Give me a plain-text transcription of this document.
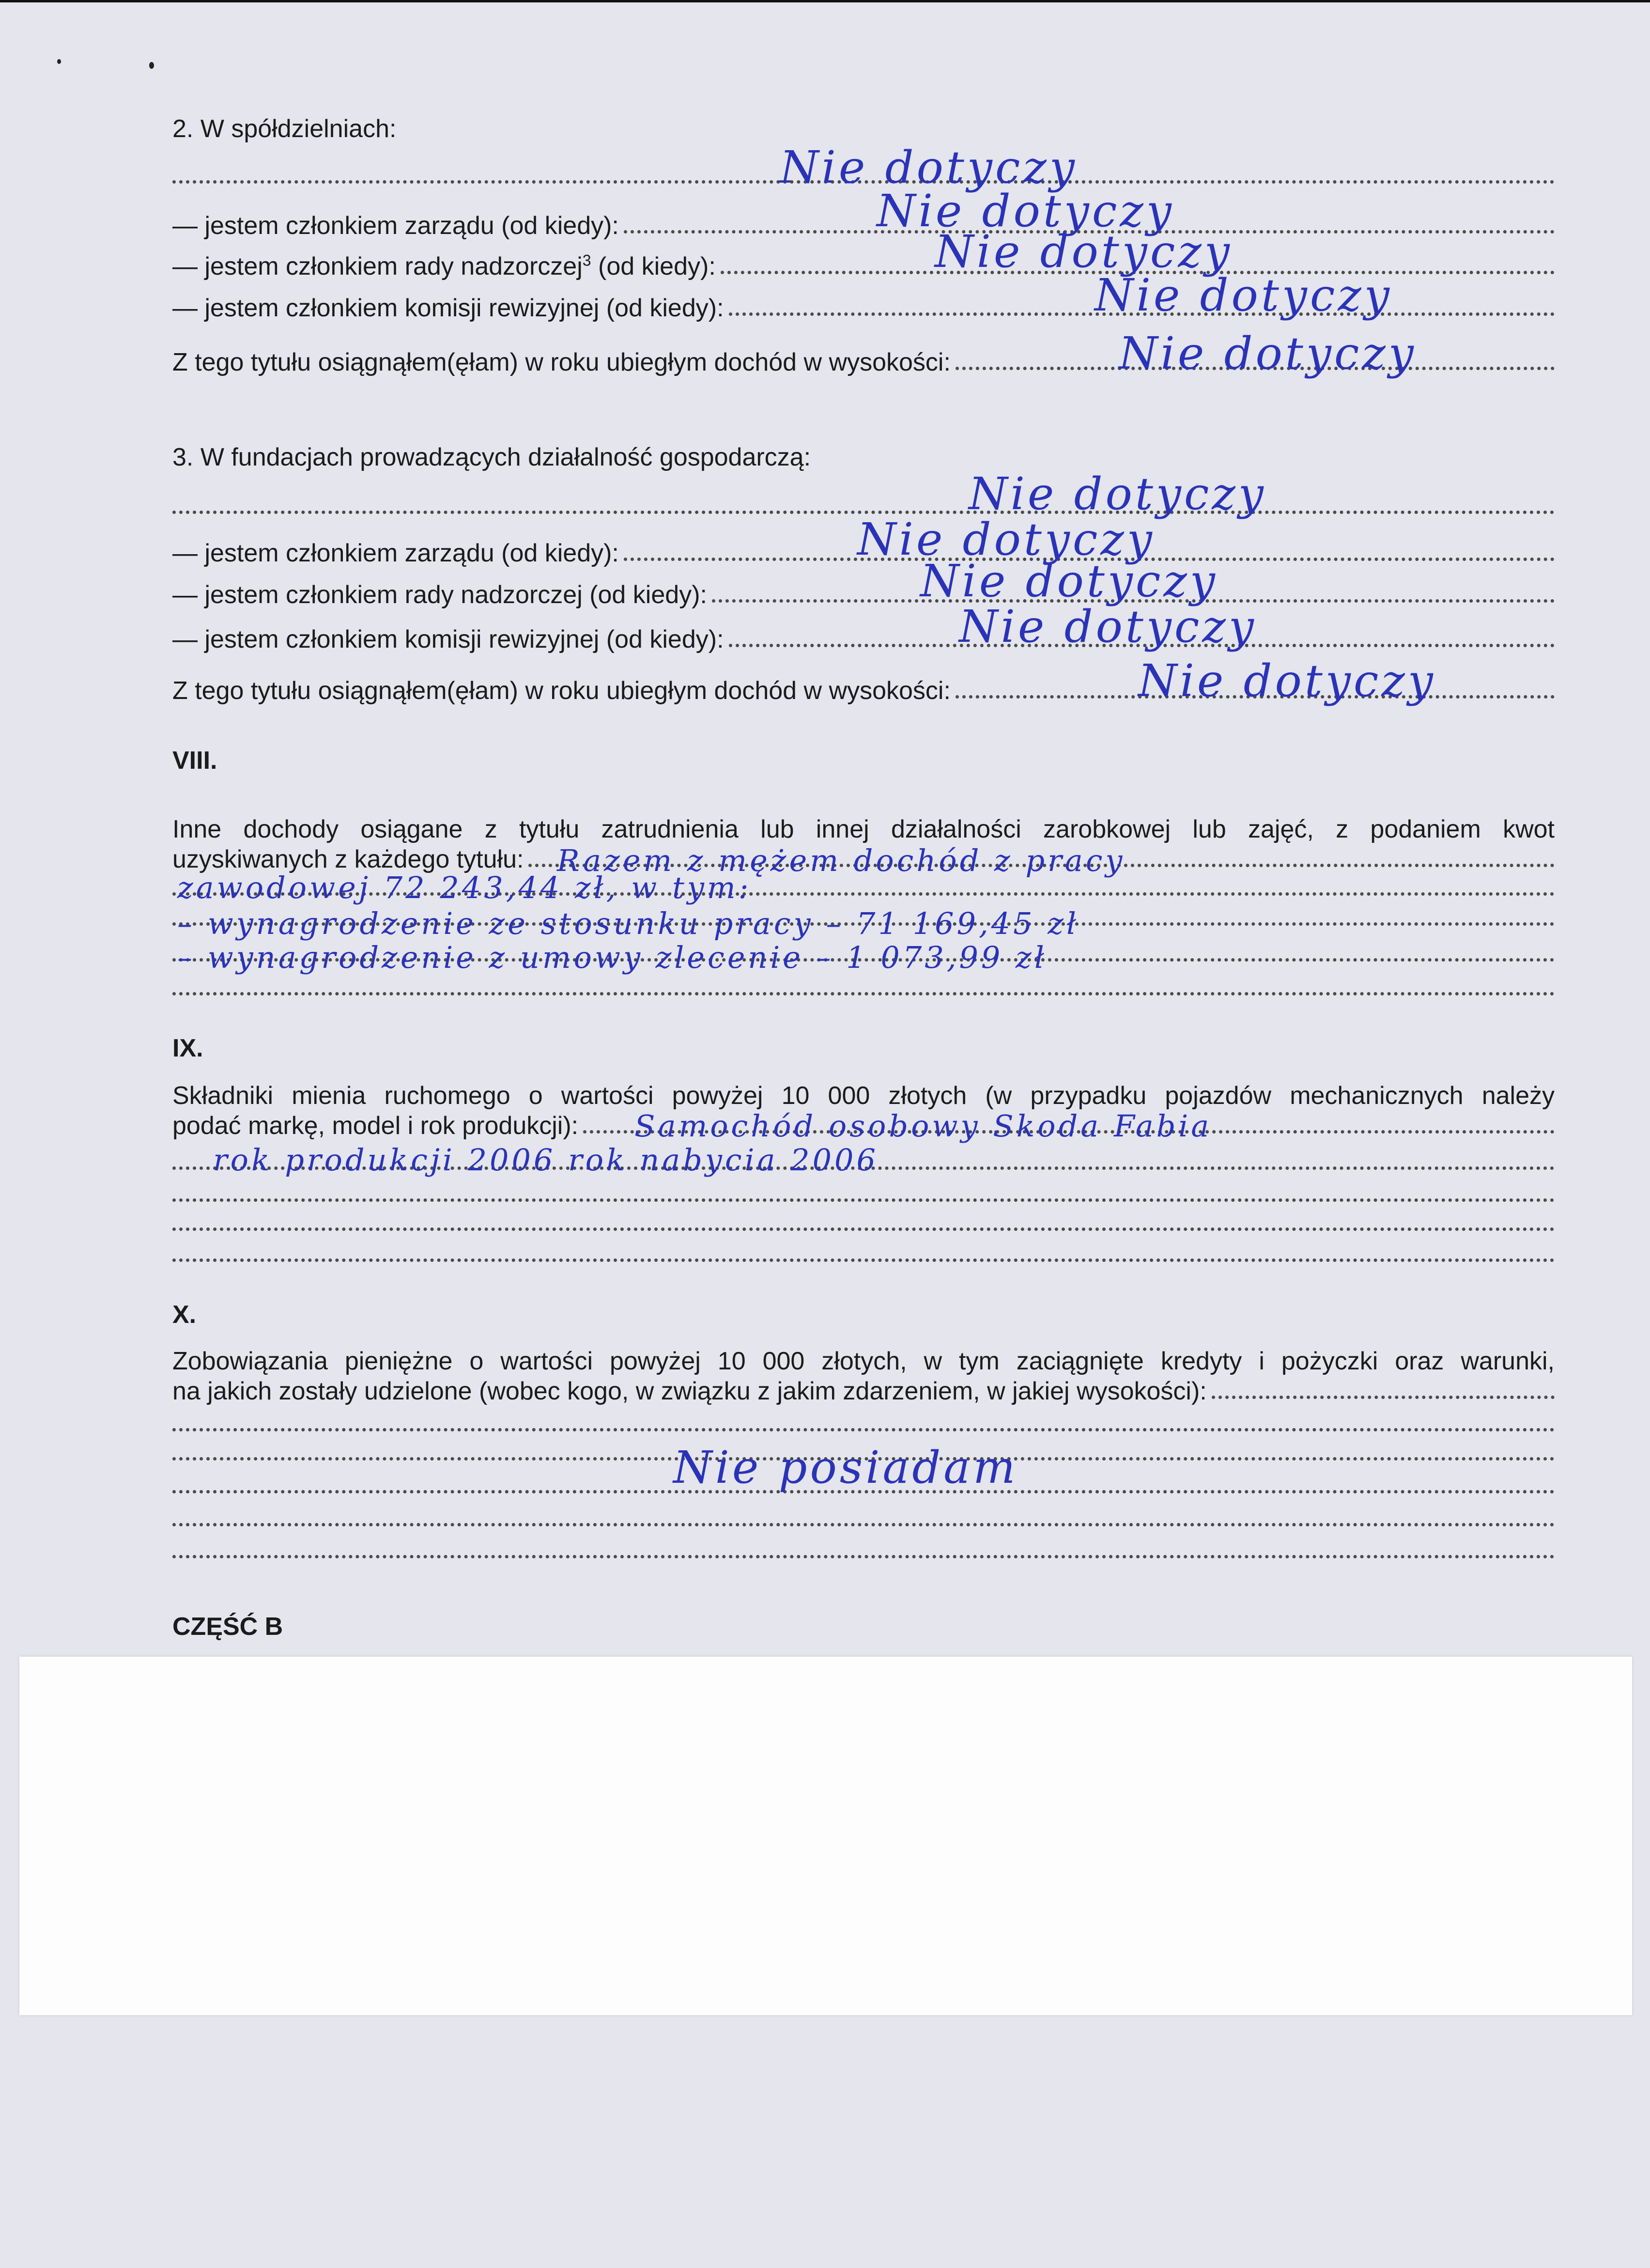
2. W spółdzielniach:
— jestem członkiem zarządu (od kiedy):
— jestem członkiem rady nadzorczej$^3$ (od kiedy):
— jestem członkiem komisji rewizyjnej (od kiedy):
Z tego tytułu osiągnąłem(ęłam) w roku ubiegłym dochód w wysokości:
Nie dotyczy
Nie dotyczy
Nie dotyczy
Nie dotyczy
Nie dotyczy
3. W fundacjach prowadzących działalność gospodarczą:
— jestem członkiem zarządu (od kiedy):
— jestem członkiem rady nadzorczej (od kiedy):
— jestem członkiem komisji rewizyjnej (od kiedy):
Z tego tytułu osiągnąłem(ęłam) w roku ubiegłym dochód w wysokości:
Nie dotyczy
Nie dotyczy
Nie dotyczy
Nie dotyczy
Nie dotyczy
VIII.
Inne dochody osiągane z tytułu zatrudnienia lub innej działalności zarobkowej lub zajęć, z podaniem kwot
uzyskiwanych z każdego tytułu: Razem z mężem dochód z pracy
zawodowej 72 243,44 zł, w tym:
– wynagrodzenie ze stosunku pracy – 71 169,45 zł
– wynagrodzenie z umowy zlecenie – 1 073,99 zł
IX.
Składniki mienia ruchomego o wartości powyżej 10 000 złotych (w przypadku pojazdów mechanicznych należy
podać markę, model i rok produkcji): Samochód osobowy Skoda Fabia
rok produkcji 2006 rok nabycia 2006
X.
Zobowiązania pieniężne o wartości powyżej 10 000 złotych, w tym zaciągnięte kredyty i pożyczki oraz warunki,
na jakich zostały udzielone (wobec kogo, w związku z jakim zdarzeniem, w jakiej wysokości):
Nie posiadam
CZĘŚĆ B
